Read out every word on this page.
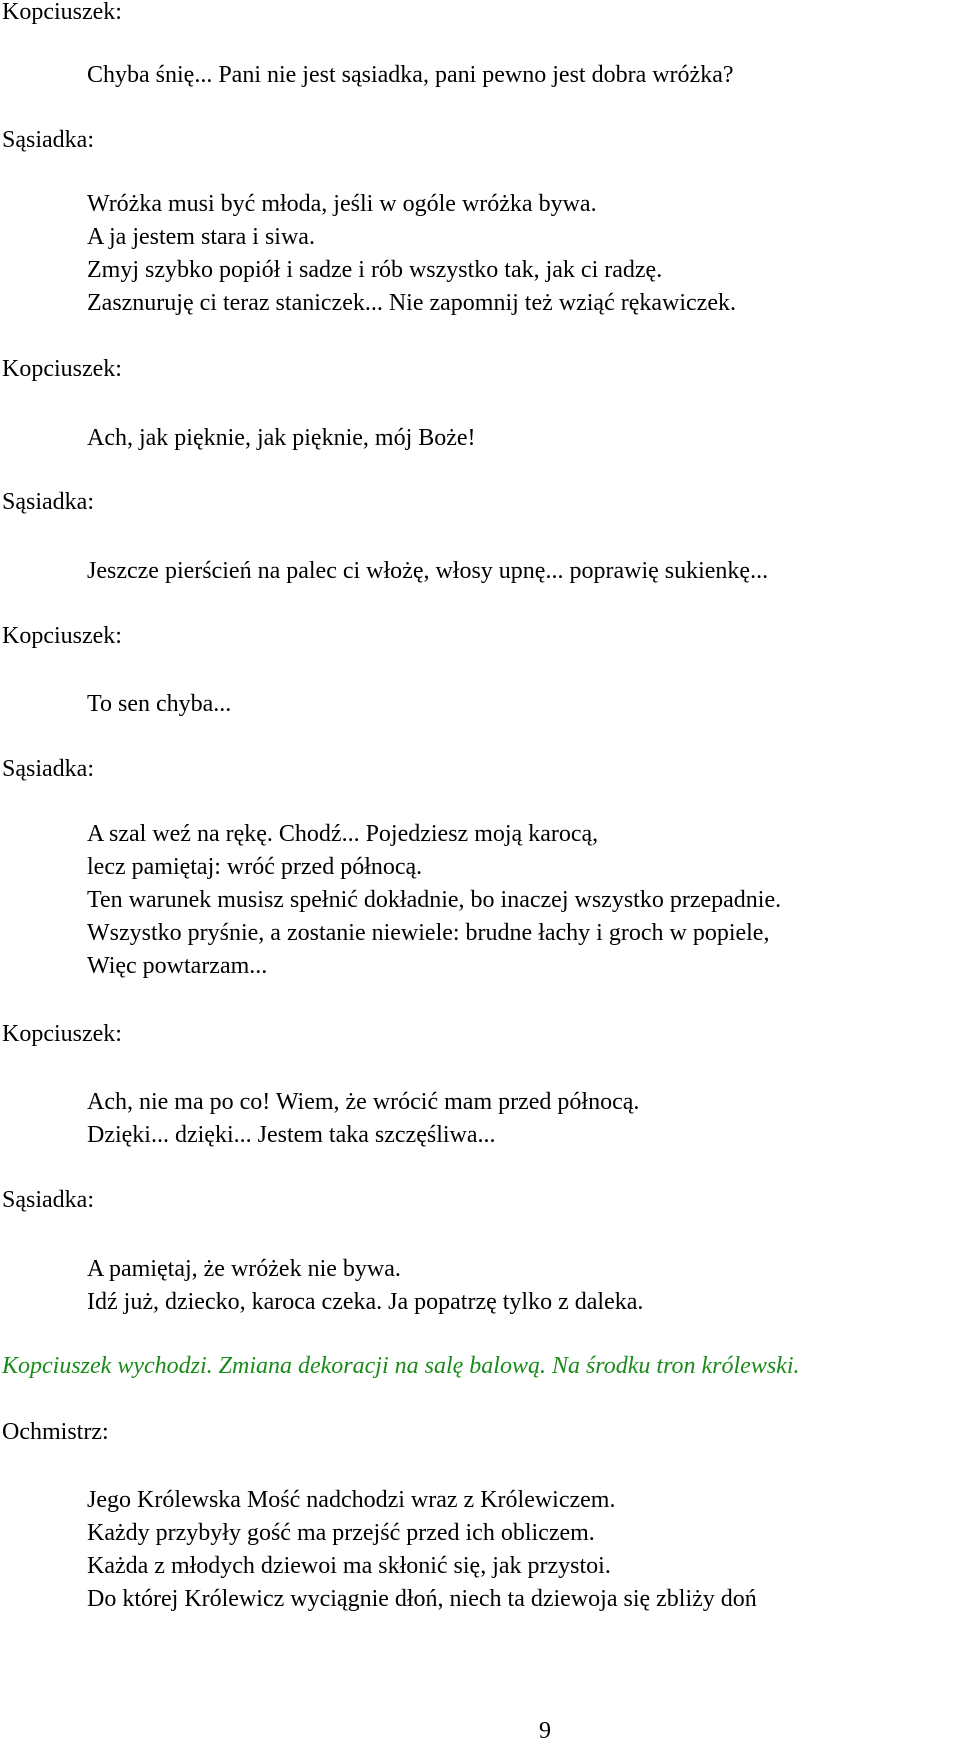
Kopciuszek:
Chyba śnię... Pani nie jest sąsiadka, pani pewno jest dobra wróżka?
Sąsiadka:
Wróżka musi być młoda, jeśli w ogóle wróżka bywa.
A ja jestem stara i siwa.
Zmyj szybko popiół i sadze i rób wszystko tak, jak ci radzę.
Zasznuruję ci teraz staniczek... Nie zapomnij też wziąć rękawiczek.
Kopciuszek:
Ach, jak pięknie, jak pięknie, mój Boże!
Sąsiadka:
Jeszcze pierścień na palec ci włożę, włosy upnę... poprawię sukienkę...
Kopciuszek:
To sen chyba...
Sąsiadka:
A szal weź na rękę. Chodź... Pojedziesz moją karocą,
lecz pamiętaj: wróć przed północą.
Ten warunek musisz spełnić dokładnie, bo inaczej wszystko przepadnie.
Wszystko pryśnie, a zostanie niewiele: brudne łachy i groch w popiele,
Więc powtarzam...
Kopciuszek:
Ach, nie ma po co! Wiem, że wrócić mam przed północą.
Dzięki... dzięki... Jestem taka szczęśliwa...
Sąsiadka:
A pamiętaj, że wróżek nie bywa.
Idź już, dziecko, karoca czeka. Ja popatrzę tylko z daleka.
Kopciuszek wychodzi. Zmiana dekoracji na salę balową. Na środku tron królewski.
Ochmistrz:
Jego Królewska Mość nadchodzi wraz z Królewiczem.
Każdy przybyły gość ma przejść przed ich obliczem.
Każda z młodych dziewoi ma skłonić się, jak przystoi.
Do której Królewicz wyciągnie dłoń, niech ta dziewoja się zbliży doń
9
